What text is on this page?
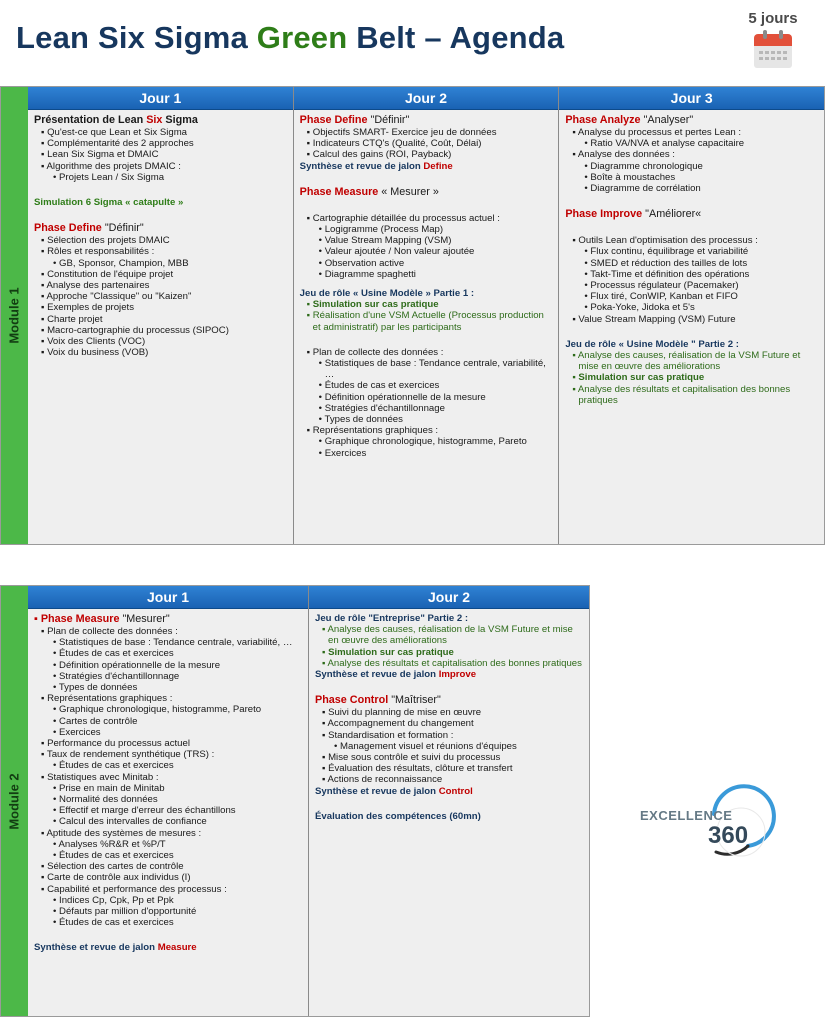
Lean Six Sigma Green Belt – Agenda
5 jours
Module 1
Jour 1
Présentation de Lean Six Sigma
▪ Qu'est-ce que Lean et Six Sigma
▪ Complémentarité des 2 approches
▪ Lean Six Sigma et DMAIC
▪ Algorithme des projets DMAIC :
• Projets Lean / Six Sigma
Simulation 6 Sigma « catapulte »
Phase Define "Définir"
▪ Sélection des projets DMAIC
▪ Rôles et responsabilités :
• GB, Sponsor, Champion, MBB
▪ Constitution de l'équipe projet
▪ Analyse des partenaires
▪ Approche "Classique" ou "Kaizen"
▪ Exemples de projets
▪ Charte projet
▪ Macro-cartographie du processus (SIPOC)
▪ Voix des Clients (VOC)
▪ Voix du business (VOB)
Jour 2
Phase Define "Définir"
▪ Objectifs SMART- Exercice jeu de données
▪ Indicateurs CTQ's (Qualité, Coût, Délai)
▪ Calcul des gains (ROI, Payback)
Synthèse et revue de jalon Define
Phase Measure « Mesurer »
▪ Cartographie détaillée du processus actuel :
• Logigramme (Process Map)
• Value Stream Mapping (VSM)
• Valeur ajoutée / Non valeur ajoutée
• Observation active
• Diagramme spaghetti
Jeu de rôle « Usine Modèle » Partie 1 :
▪ Simulation sur cas pratique
▪ Réalisation d'une VSM Actuelle (Processus production et administratif) par les participants
▪ Plan de collecte des données :
• Statistiques de base : Tendance centrale, variabilité, …
• Études de cas et exercices
• Définition opérationnelle de la mesure
• Stratégies d'échantillonnage
• Types de données
▪ Représentations graphiques :
• Graphique chronologique, histogramme, Pareto
• Exercices
Jour 3
Phase Analyze "Analyser"
▪ Analyse du processus et pertes Lean :
• Ratio VA/NVA et analyse capacitaire
▪ Analyse des données :
• Diagramme chronologique
• Boîte à moustaches
• Diagramme de corrélation
Phase Improve "Améliorer«
▪ Outils Lean d'optimisation des processus :
• Flux continu, équilibrage et variabilité
• SMED et réduction des tailles de lots
• Takt-Time et définition des opérations
• Processus régulateur (Pacemaker)
• Flux tiré, ConWIP, Kanban et FIFO
• Poka-Yoke, Jidoka et 5's
▪ Value Stream Mapping (VSM) Future
Jeu de rôle « Usine Modèle " Partie 2 :
▪ Analyse des causes, réalisation de la VSM Future et mise en œuvre des améliorations
▪ Simulation sur cas pratique
▪ Analyse des résultats et capitalisation des bonnes pratiques
Module 2
Jour 1
▪ Phase Measure "Mesurer"
▪ Plan de collecte des données :
• Statistiques de base : Tendance centrale, variabilité, …
• Études de cas et exercices
• Définition opérationnelle de la mesure
• Stratégies d'échantillonnage
• Types de données
▪ Représentations graphiques :
• Graphique chronologique, histogramme, Pareto
• Cartes de contrôle
• Exercices
▪ Performance du processus actuel
▪ Taux de rendement synthétique (TRS) :
• Études de cas et exercices
▪ Statistiques avec Minitab :
• Prise en main de Minitab
• Normalité des données
• Effectif et marge d'erreur des échantillons
• Calcul des intervalles de confiance
▪ Aptitude des systèmes de mesures :
• Analyses %R&R et %P/T
• Études de cas et exercices
▪ Sélection des cartes de contrôle
▪ Carte de contrôle aux individus (I)
▪ Capabilité et performance des processus :
• Indices Cp, Cpk, Pp et Ppk
• Défauts par million d'opportunité
• Études de cas et exercices
Synthèse et revue de jalon Measure
Jour 2
Jeu de rôle "Entreprise" Partie 2 :
▪ Analyse des causes, réalisation de la VSM Future et mise en œuvre des améliorations
▪ Simulation sur cas pratique
▪ Analyse des résultats et capitalisation des bonnes pratiques
Synthèse et revue de jalon Improve
Phase Control "Maîtriser"
▪ Suivi du planning de mise en œuvre
▪ Accompagnement du changement
▪ Standardisation et formation :
• Management visuel et réunions d'équipes
▪ Mise sous contrôle et suivi du processus
▪ Évaluation des résultats, clôture et transfert
▪ Actions de reconnaissance
Synthèse et revue de jalon Control
Évaluation des compétences (60mn)	EXCELLENCE
360
